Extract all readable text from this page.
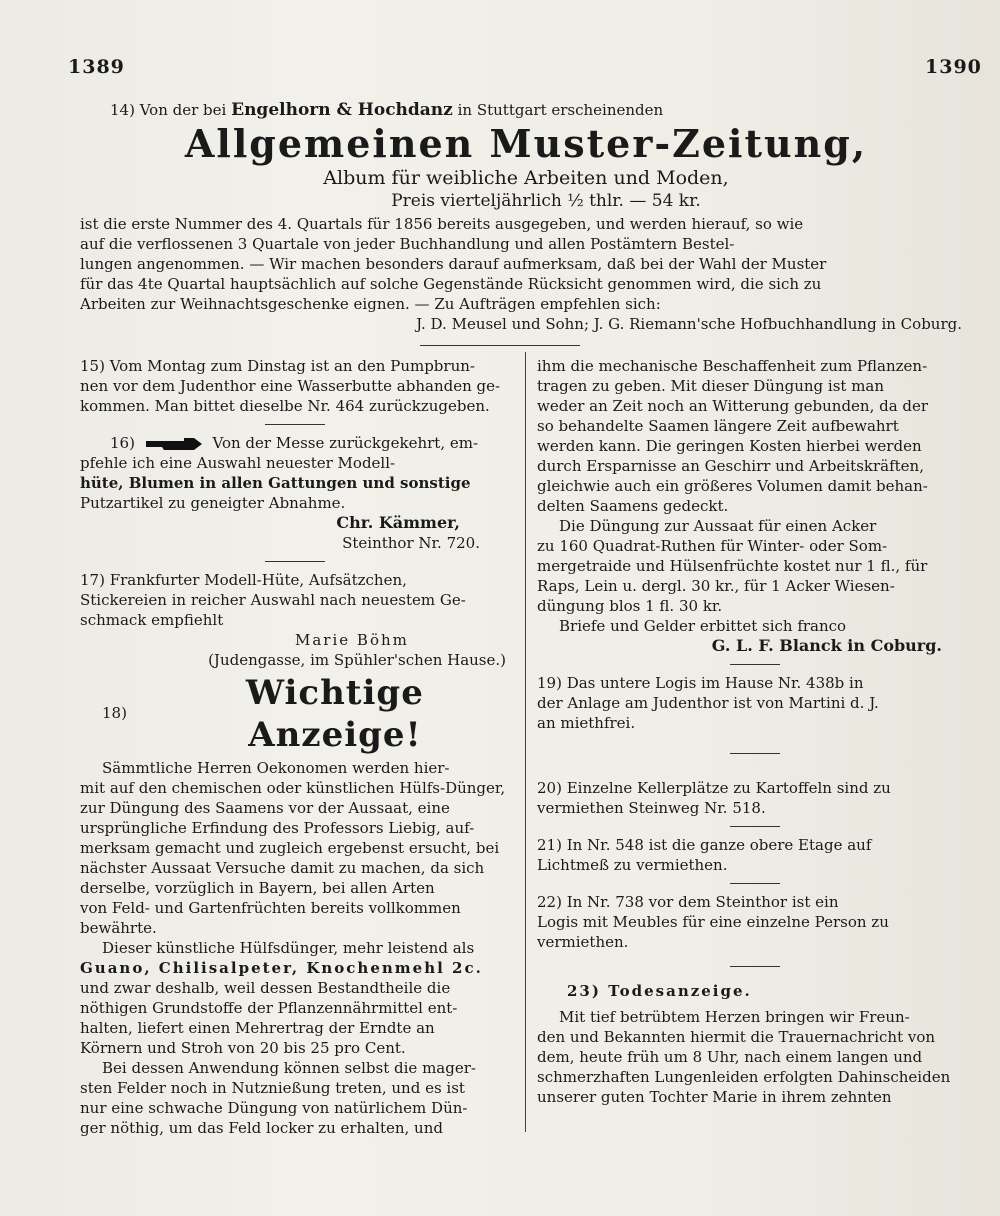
1389	1390
14) Von der bei Engelhorn & Hochdanz in Stuttgart erscheinenden
Allgemeinen Muster-Zeitung,
Album für weibliche Arbeiten und Moden,
Preis vierteljährlich ½ thlr. — 54 kr.
ist die erste Nummer des 4. Quartals für 1856 bereits ausgegeben, und werden hierauf, so wie
auf die verflossenen 3 Quartale von jeder Buchhandlung und allen Postämtern Bestel-
lungen angenommen. — Wir machen besonders darauf aufmerksam, daß bei der Wahl der Muster
für das 4te Quartal hauptsächlich auf solche Gegenstände Rücksicht genommen wird, die sich zu
Arbeiten zur Weihnachtsgeschenke eignen. — Zu Aufträgen empfehlen sich:
J. D. Meusel und Sohn; J. G. Riemann'sche Hofbuchhandlung in Coburg.
15) Vom Montag zum Dinstag ist an den Pumpbrun-
nen vor dem Judenthor eine Wasserbutte abhanden ge-
kommen. Man bittet dieselbe Nr. 464 zurückzugeben.
16)	Von der Messe zurückgekehrt, em-
pfehle ich eine Auswahl neuester Modell-
hüte, Blumen in allen Gattungen und sonstige
Putzartikel zu geneigter Abnahme.
Chr. Kämmer,
Steinthor Nr. 720.
17) Frankfurter Modell-Hüte, Aufsätzchen,
Stickereien in reicher Auswahl nach neuestem Ge-
schmack empfiehlt
Marie Böhm
(Judengasse, im Spühler'schen Hause.)
18)
Wichtige Anzeige!
Sämmtliche Herren Oekonomen werden hier-
mit auf den chemischen oder künstlichen Hülfs-Dünger,
zur Düngung des Saamens vor der Aussaat, eine
ursprüngliche Erfindung des Professors Liebig, auf-
merksam gemacht und zugleich ergebenst ersucht, bei
nächster Aussaat Versuche damit zu machen, da sich
derselbe, vorzüglich in Bayern, bei allen Arten
von Feld- und Gartenfrüchten bereits vollkommen
bewährte.
Dieser künstliche Hülfsdünger, mehr leistend als
Guano, Chilisalpeter, Knochenmehl 2c.
und zwar deshalb, weil dessen Bestandtheile die
nöthigen Grundstoffe der Pflanzennährmittel ent-
halten, liefert einen Mehrertrag der Erndte an
Körnern und Stroh von 20 bis 25 pro Cent.
Bei dessen Anwendung können selbst die mager-
sten Felder noch in Nutznießung treten, und es ist
nur eine schwache Düngung von natürlichem Dün-
ger nöthig, um das Feld locker zu erhalten, und
ihm die mechanische Beschaffenheit zum Pflanzen-
tragen zu geben. Mit dieser Düngung ist man
weder an Zeit noch an Witterung gebunden, da der
so behandelte Saamen längere Zeit aufbewahrt
werden kann. Die geringen Kosten hierbei werden
durch Ersparnisse an Geschirr und Arbeitskräften,
gleichwie auch ein größeres Volumen damit behan-
delten Saamens gedeckt.
Die Düngung zur Aussaat für einen Acker
zu 160 Quadrat-Ruthen für Winter- oder Som-
mergetraide und Hülsenfrüchte kostet nur 1 fl., für
Raps, Lein u. dergl. 30 kr., für 1 Acker Wiesen-
düngung blos 1 fl. 30 kr.
Briefe und Gelder erbittet sich franco
G. L. F. Blanck in Coburg.
19) Das untere Logis im Hause Nr. 438b in
der Anlage am Judenthor ist von Martini d. J.
an miethfrei.
20) Einzelne Kellerplätze zu Kartoffeln sind zu
vermiethen Steinweg Nr. 518.
21) In Nr. 548 ist die ganze obere Etage auf
Lichtmeß zu vermiethen.
22) In Nr. 738 vor dem Steinthor ist ein
Logis mit Meubles für eine einzelne Person zu
vermiethen.
23) Todesanzeige.
Mit tief betrübtem Herzen bringen wir Freun-
den und Bekannten hiermit die Trauernachricht von
dem, heute früh um 8 Uhr, nach einem langen und
schmerzhaften Lungenleiden erfolgten Dahinscheiden
unserer guten Tochter Marie in ihrem zehnten
